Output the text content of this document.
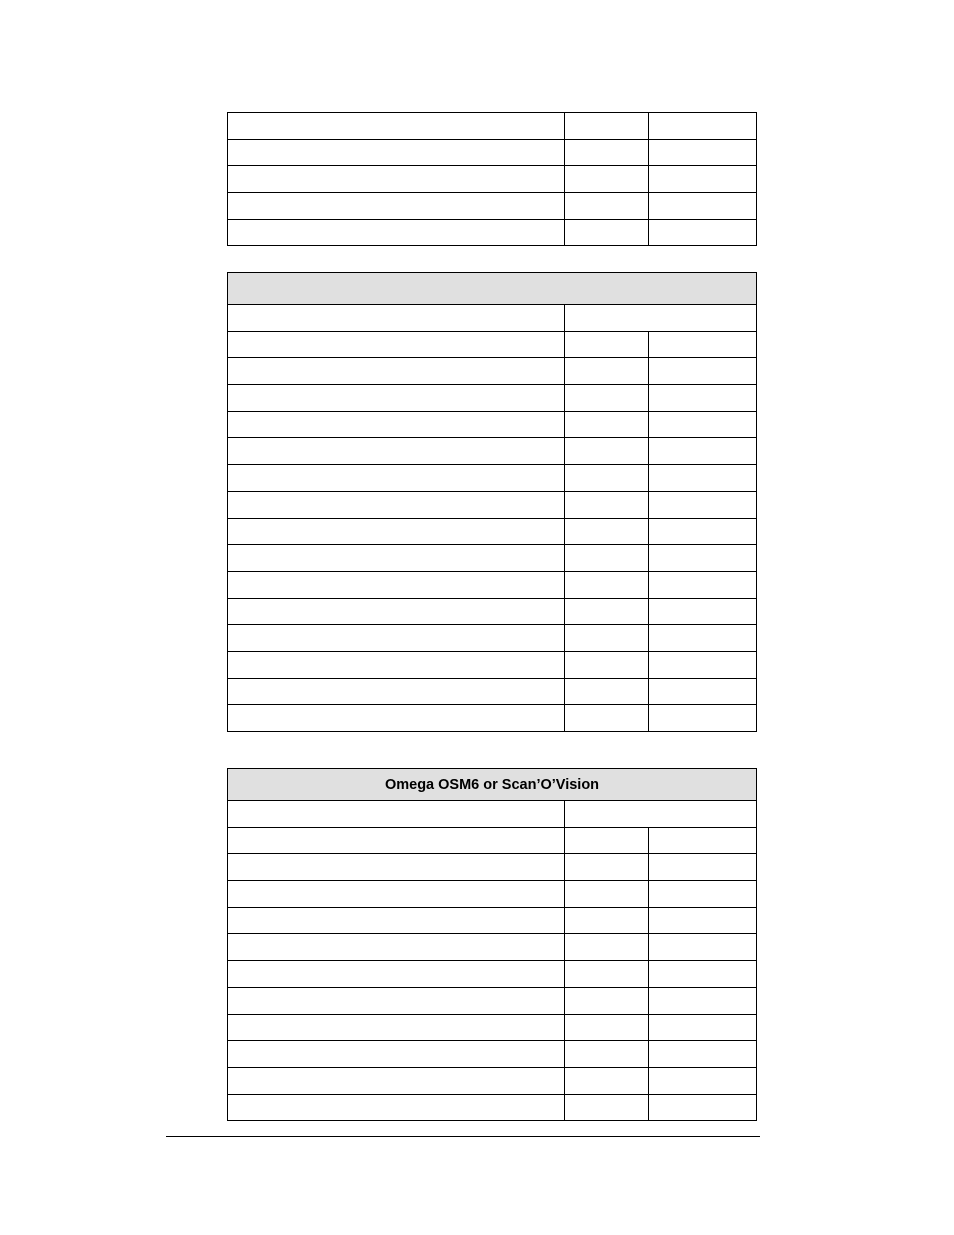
Omega OSM6 or Scan’O’Vision		
